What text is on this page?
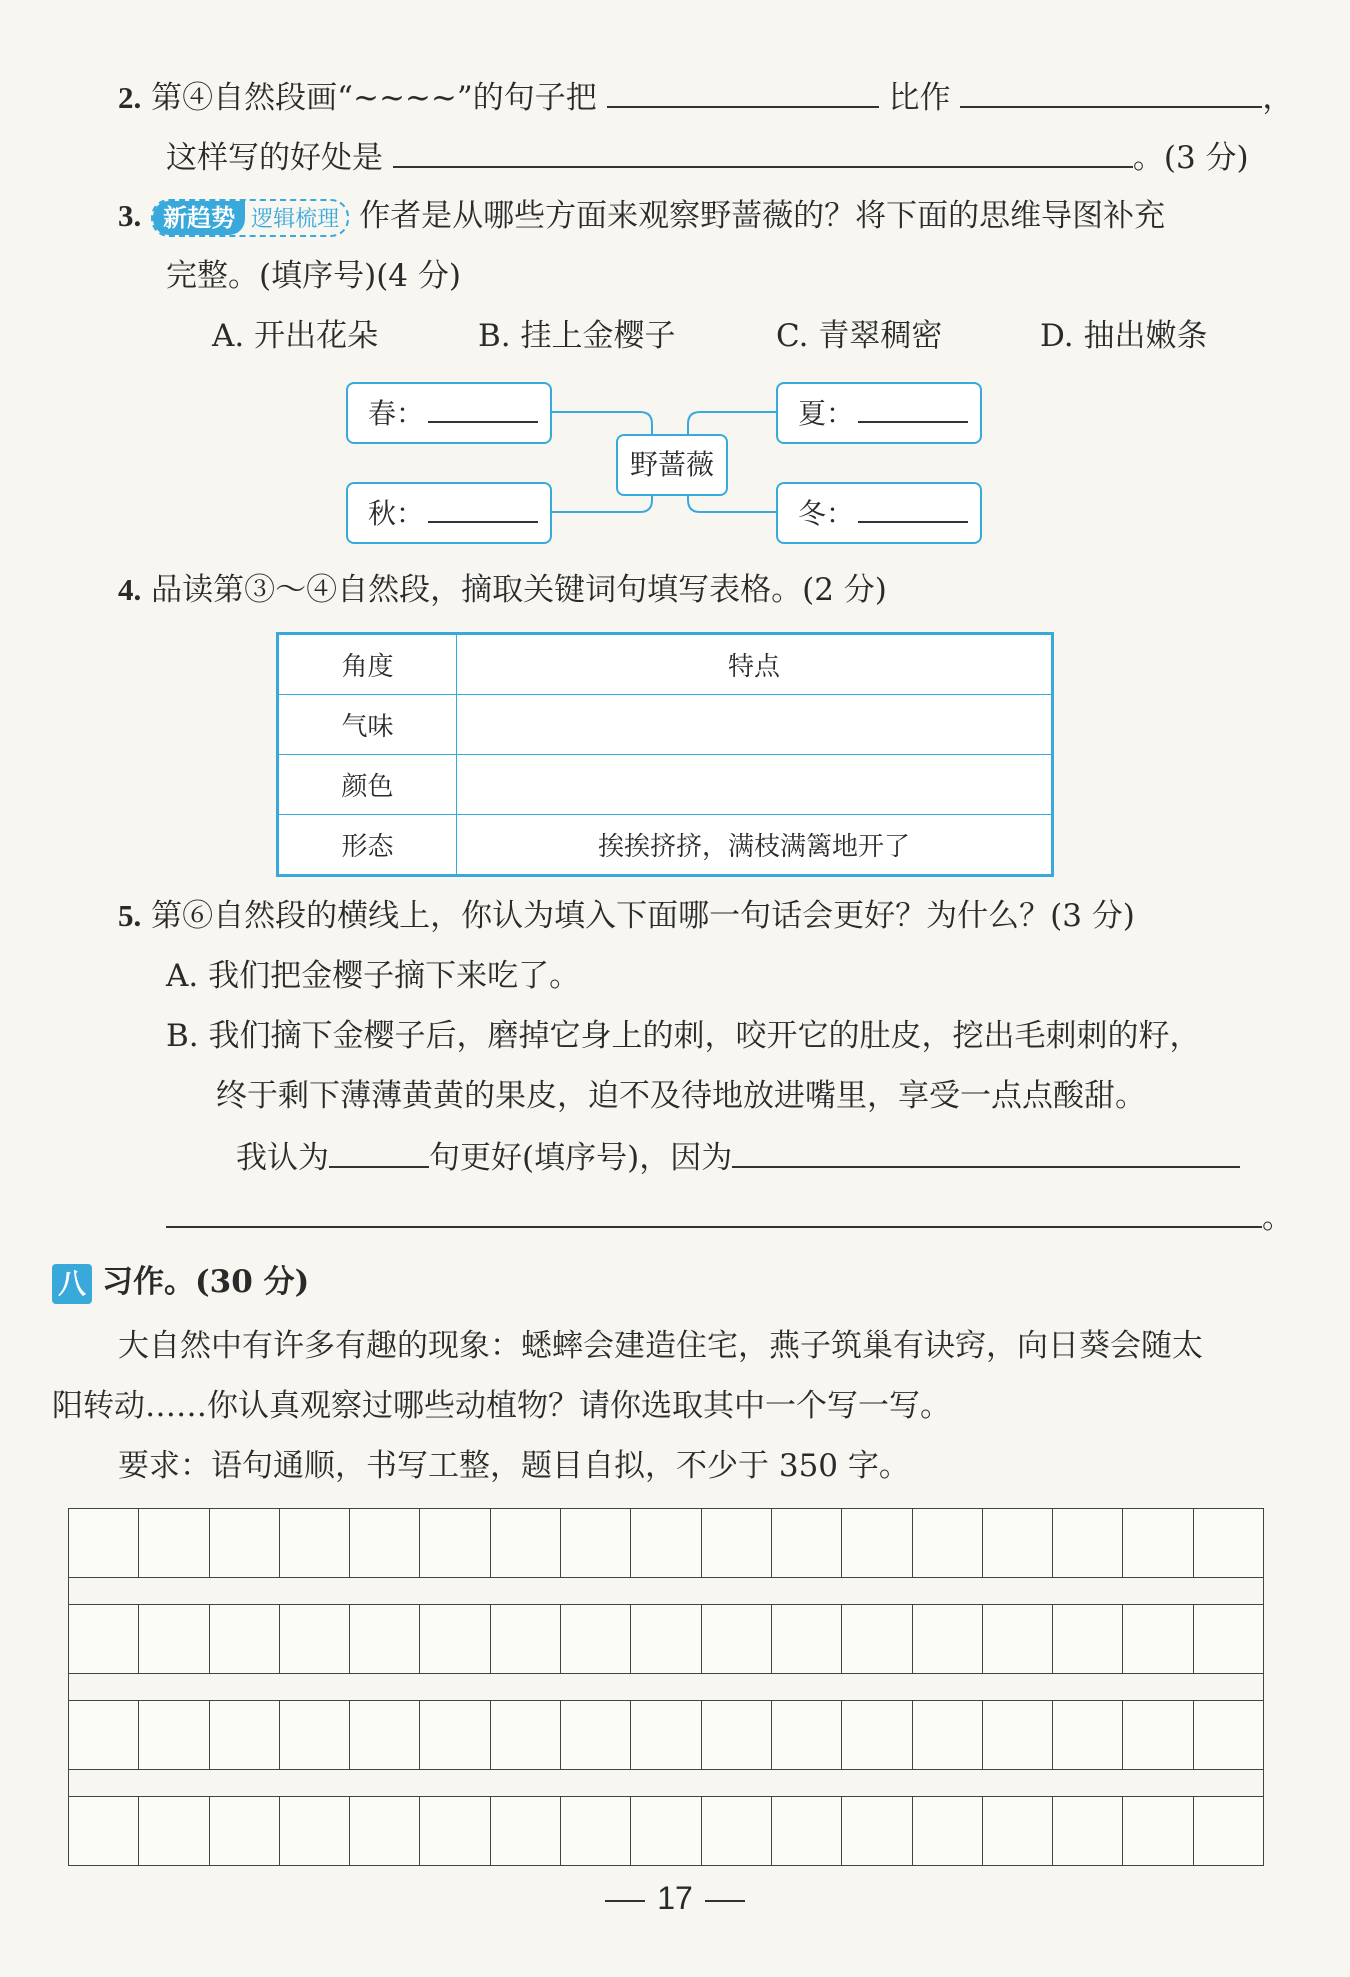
2. 第④自然段画“~~~~”的句子把	比作	，
这样写的好处是	。(3 分)
3. 新趋势 逻辑梳理 作者是从哪些方面来观察野蔷薇的？将下面的思维导图补充
完整。(填序号)(4 分)
A. 开出花朵	B. 挂上金樱子	C. 青翠稠密	D. 抽出嫩条
春：	夏：
野蔷薇
秋：	冬：
4. 品读第③～④自然段，摘取关键词句填写表格。(2 分)
角度	特点
气味	
颜色	
形态	挨挨挤挤，满枝满篱地开了
5. 第⑥自然段的横线上，你认为填入下面哪一句话会更好？为什么？(3 分)
A. 我们把金樱子摘下来吃了。
B. 我们摘下金樱子后，磨掉它身上的刺，咬开它的肚皮，挖出毛刺刺的籽，
终于剩下薄薄黄黄的果皮，迫不及待地放进嘴里，享受一点点酸甜。
我认为	句更好(填序号)，因为
。
八 习作。(30 分)
大自然中有许多有趣的现象：蟋蟀会建造住宅，燕子筑巢有诀窍，向日葵会随太
阳转动……你认真观察过哪些动植物？请你选取其中一个写一写。
要求：语句通顺，书写工整，题目自拟，不少于 350 字。
17
